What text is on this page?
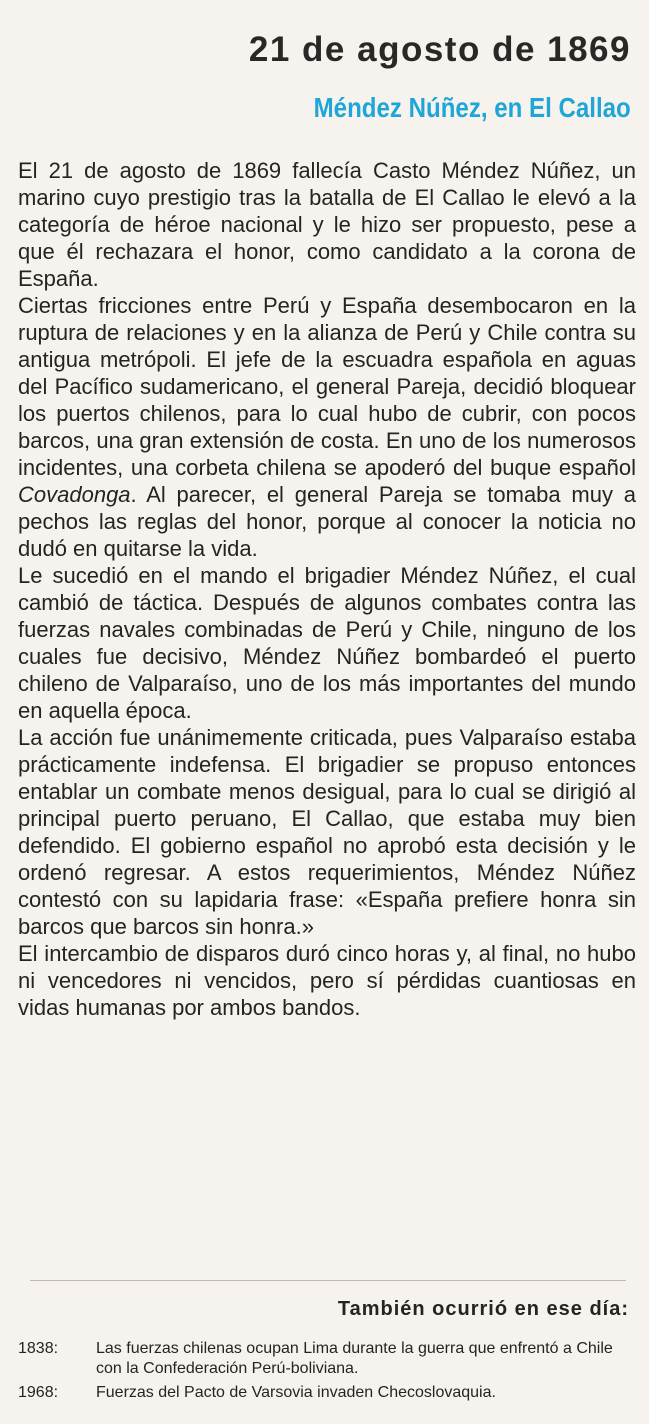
21 de agosto de 1869
Méndez Núñez, en El Callao

El 21 de agosto de 1869 fallecía Casto Méndez Núñez, un marino cuyo prestigio tras la batalla de El Callao le elevó a la categoría de héroe nacional y le hizo ser propuesto, pese a que él rechazara el honor, como candidato a la corona de España.

Ciertas fricciones entre Perú y España desembocaron en la ruptura de relaciones y en la alianza de Perú y Chile contra su antigua metrópoli. El jefe de la escuadra española en aguas del Pacífico sudamericano, el general Pareja, decidió bloquear los puertos chilenos, para lo cual hubo de cubrir, con pocos barcos, una gran extensión de costa. En uno de los numerosos incidentes, una corbeta chilena se apoderó del buque español Covadonga. Al parecer, el general Pareja se tomaba muy a pechos las reglas del honor, porque al conocer la noticia no dudó en quitarse la vida.

Le sucedió en el mando el brigadier Méndez Núñez, el cual cambió de táctica. Después de algunos combates contra las fuerzas navales combinadas de Perú y Chile, ninguno de los cuales fue decisivo, Méndez Núñez bombardeó el puerto chileno de Valparaíso, uno de los más importantes del mundo en aquella época.

La acción fue unánimemente criticada, pues Valparaíso estaba prácticamente indefensa. El brigadier se propuso entonces entablar un combate menos desigual, para lo cual se dirigió al principal puerto peruano, El Callao, que estaba muy bien defendido. El gobierno español no aprobó esta decisión y le ordenó regresar. A estos requerimientos, Méndez Núñez contestó con su lapidaria frase: «España prefiere honra sin barcos que barcos sin honra.»

El intercambio de disparos duró cinco horas y, al final, no hubo ni vencedores ni vencidos, pero sí pérdidas cuantiosas en vidas humanas por ambos bandos.

También ocurrió en ese día:
1838:	Las fuerzas chilenas ocupan Lima durante la guerra que enfrentó a Chile con la Confederación Perú-boliviana.
1968:	Fuerzas del Pacto de Varsovia invaden Checoslovaquia.
